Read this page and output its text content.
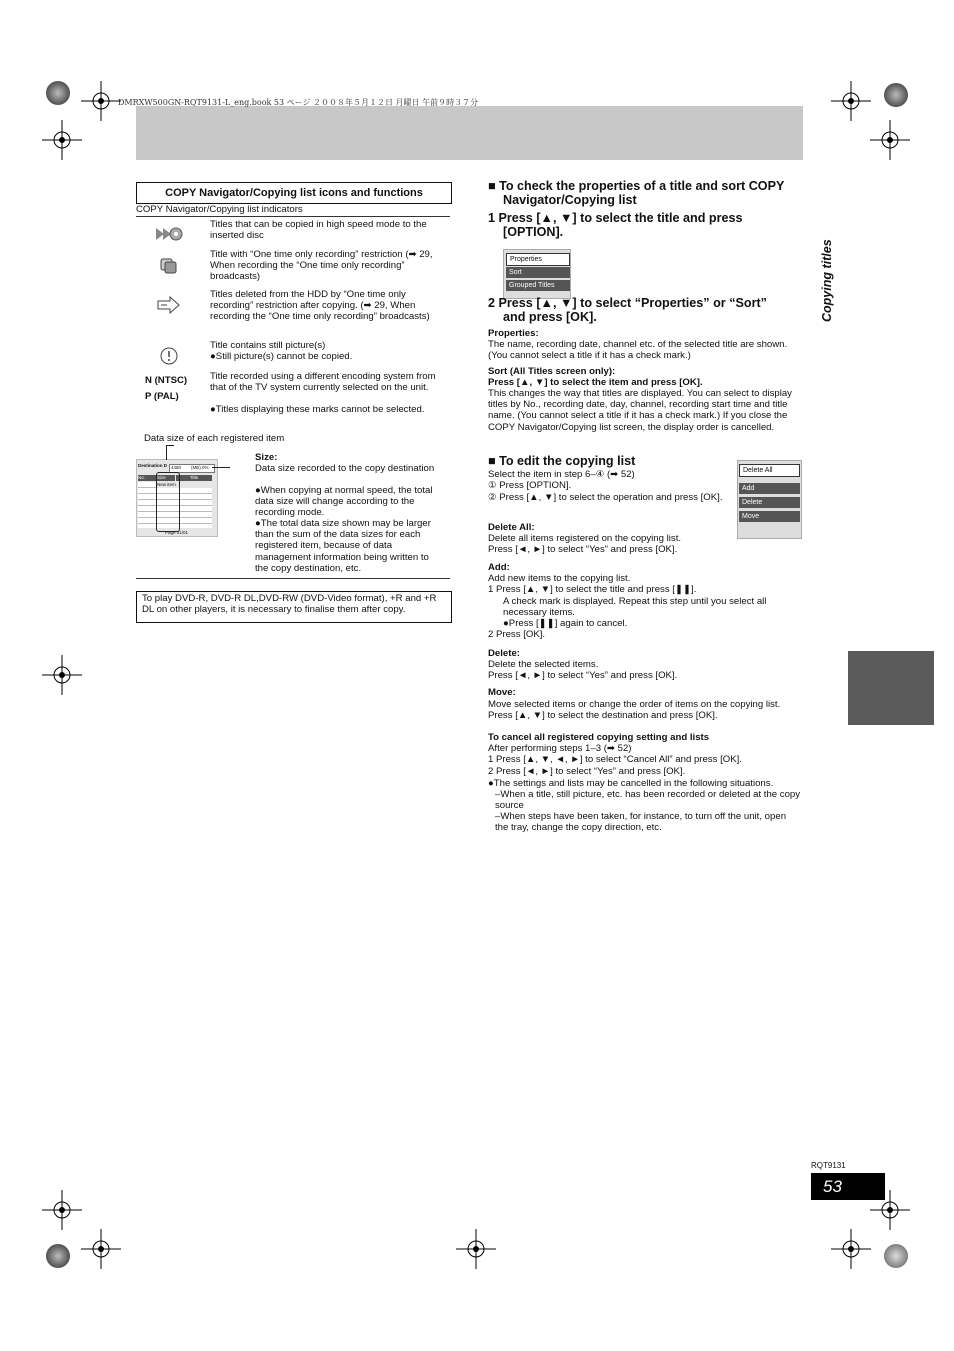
DMRXW500GN-RQT9131-L_eng.book 53 ページ ２００８年５月１２日 月曜日 午前９時３７分
COPY Navigator/Copying list icons and functions
COPY Navigator/Copying list indicators
Titles that can be copied in high speed mode to the inserted disc
Title with “One time only recording” restriction (➡ 29, When recording the “One time only recording” broadcasts)
Titles deleted from the HDD by “One time only recording” restriction after copying. (➡ 29, When recording the “One time only recording” broadcasts)
Title contains still picture(s)
●Still picture(s) cannot be copied.
N (NTSC)
P (PAL)
Title recorded using a different encoding system from that of the TV system currently selected on the unit.
●Titles displaying these marks cannot be selected.
Data size of each registered item
Destination D 4480 (MB) 0%
No.	Size	Title
New item
Page 01/01
Size:
Data size recorded to the copy destination
●When copying at normal speed, the total data size will change according to the recording mode.
●The total data size shown may be larger than the sum of the data sizes for each registered item, because of data management information being written to the copy destination, etc.
To play DVD-R, DVD-R DL,DVD-RW (DVD-Video format), +R and +R DL on other players, it is necessary to finalise them after copy.
■ To check the properties of a title and sort COPY
Navigator/Copying list
1 Press [▲, ▼] to select the title and press
[OPTION].
Properties
Sort
Grouped Titles
2 Press [▲, ▼] to select “Properties” or “Sort”
and press [OK].
Properties:
The name, recording date, channel etc. of the selected title are shown. (You cannot select a title if it has a check mark.)
Sort (All Titles screen only):
Press [▲, ▼] to select the item and press [OK].
This changes the way that titles are displayed. You can select to display titles by No., recording date, day, channel, recording start time and title name. (You cannot select a title if it has a check mark.) If you close the COPY Navigator/Copying list screen, the display order is cancelled.
■ To edit the copying list
Select the item in step 6–④ (➡ 52)
① Press [OPTION].
② Press [▲, ▼] to select the operation and press [OK].
Delete All
Add
Delete
Move
Delete All:
Delete all items registered on the copying list.
Press [◄, ►] to select “Yes” and press [OK].
Add:
Add new items to the copying list.
1 Press [▲, ▼] to select the title and press [❚❚].
A check mark is displayed. Repeat this step until you select all necessary items.
●Press [❚❚] again to cancel.
2 Press [OK].
Delete:
Delete the selected items.
Press [◄, ►] to select “Yes” and press [OK].
Move:
Move selected items or change the order of items on the copying list.
Press [▲, ▼] to select the destination and press [OK].
To cancel all registered copying setting and lists
After performing steps 1–3 (➡ 52)
1 Press [▲, ▼, ◄, ►] to select “Cancel All” and press [OK].
2 Press [◄, ►] to select “Yes” and press [OK].
●The settings and lists may be cancelled in the following situations.
–When a title, still picture, etc. has been recorded or deleted at the copy source
–When steps have been taken, for instance, to turn off the unit, open the tray, change the copy direction, etc.
Copying titles
RQT9131
53
